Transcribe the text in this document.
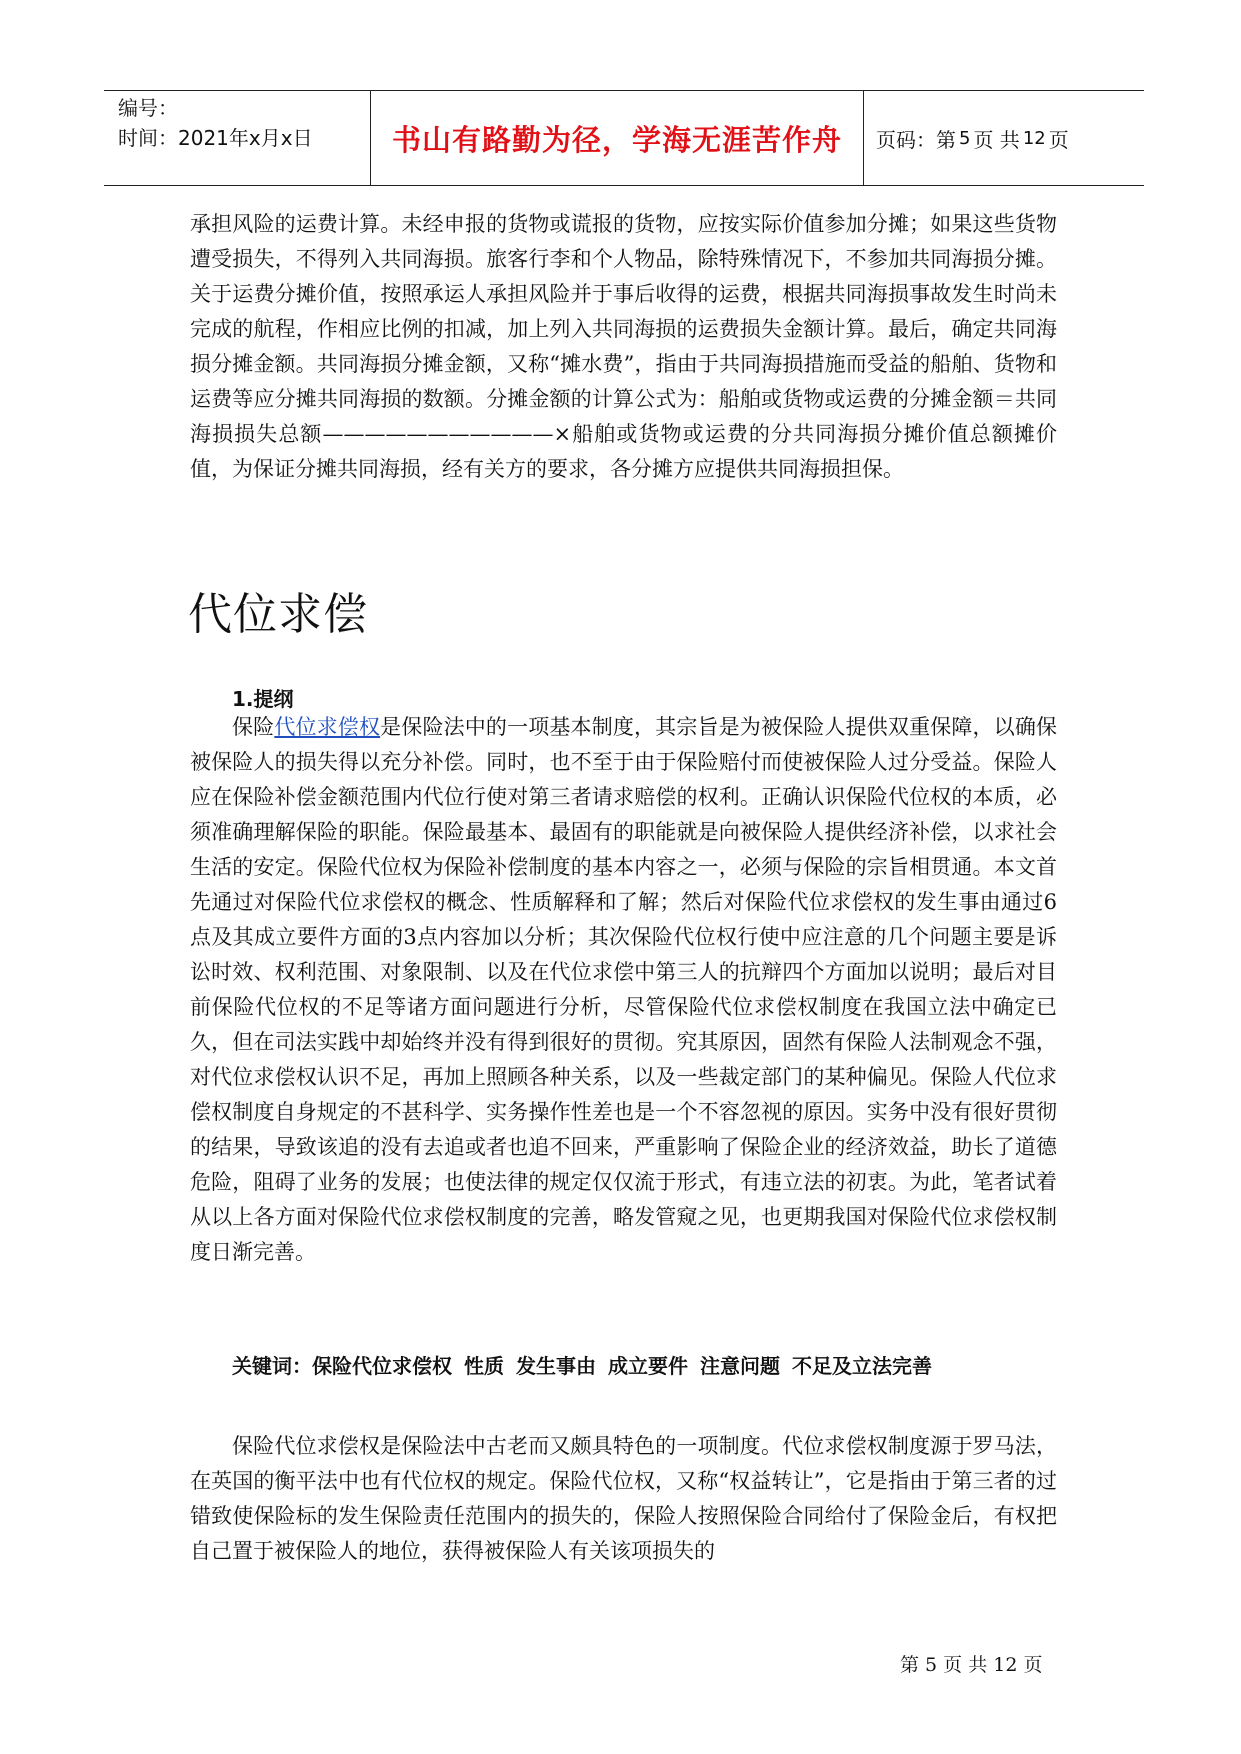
编号：
时间：2021年x月x日	书山有路勤为径，学海无涯苦作舟	页码：第 5 页 共 12 页

承担风险的运费计算。未经申报的货物或谎报的货物，应按实际价值参加分摊；如果这些货物遭受损失，不得列入共同海损。旅客行李和个人物品，除特殊情况下，不参加共同海损分摊。关于运费分摊价值，按照承运人承担风险并于事后收得的运费，根据共同海损事故发生时尚未完成的航程，作相应比例的扣减，加上列入共同海损的运费损失金额计算。最后，确定共同海损分摊金额。共同海损分摊金额，又称“摊水费”，指由于共同海损措施而受益的船舶、货物和运费等应分摊共同海损的数额。分摊金额的计算公式为：船舶或货物或运费的分摊金额＝共同海损损失总额———————————×船舶或货物或运费的分共同海损分摊价值总额摊价值，为保证分摊共同海损，经有关方的要求，各分摊方应提供共同海损担保。

代位求偿

1.提纲

保险代位求偿权是保险法中的一项基本制度，其宗旨是为被保险人提供双重保障，以确保被保险人的损失得以充分补偿。同时，也不至于由于保险赔付而使被保险人过分受益。保险人应在保险补偿金额范围内代位行使对第三者请求赔偿的权利。正确认识保险代位权的本质，必须准确理解保险的职能。保险最基本、最固有的职能就是向被保险人提供经济补偿，以求社会生活的安定。保险代位权为保险补偿制度的基本内容之一，必须与保险的宗旨相贯通。本文首先通过对保险代位求偿权的概念、性质解释和了解；然后对保险代位求偿权的发生事由通过6点及其成立要件方面的3点内容加以分析；其次保险代位权行使中应注意的几个问题主要是诉讼时效、权利范围、对象限制、以及在代位求偿中第三人的抗辩四个方面加以说明；最后对目前保险代位权的不足等诸方面问题进行分析，尽管保险代位求偿权制度在我国立法中确定已久，但在司法实践中却始终并没有得到很好的贯彻。究其原因，固然有保险人法制观念不强，对代位求偿权认识不足，再加上照顾各种关系，以及一些裁定部门的某种偏见。保险人代位求偿权制度自身规定的不甚科学、实务操作性差也是一个不容忽视的原因。实务中没有很好贯彻的结果，导致该追的没有去追或者也追不回来，严重影响了保险企业的经济效益，助长了道德危险，阻碍了业务的发展；也使法律的规定仅仅流于形式，有违立法的初衷。为此，笔者试着从以上各方面对保险代位求偿权制度的完善，略发管窥之见，也更期我国对保险代位求偿权制度日渐完善。

关键词：保险代位求偿权 性质 发生事由 成立要件 注意问题 不足及立法完善

保险代位求偿权是保险法中古老而又颇具特色的一项制度。代位求偿权制度源于罗马法，在英国的衡平法中也有代位权的规定。保险代位权，又称“权益转让”，它是指由于第三者的过错致使保险标的发生保险责任范围内的损失的，保险人按照保险合同给付了保险金后，有权把自己置于被保险人的地位，获得被保险人有关该项损失的

第 5 页 共 12 页
